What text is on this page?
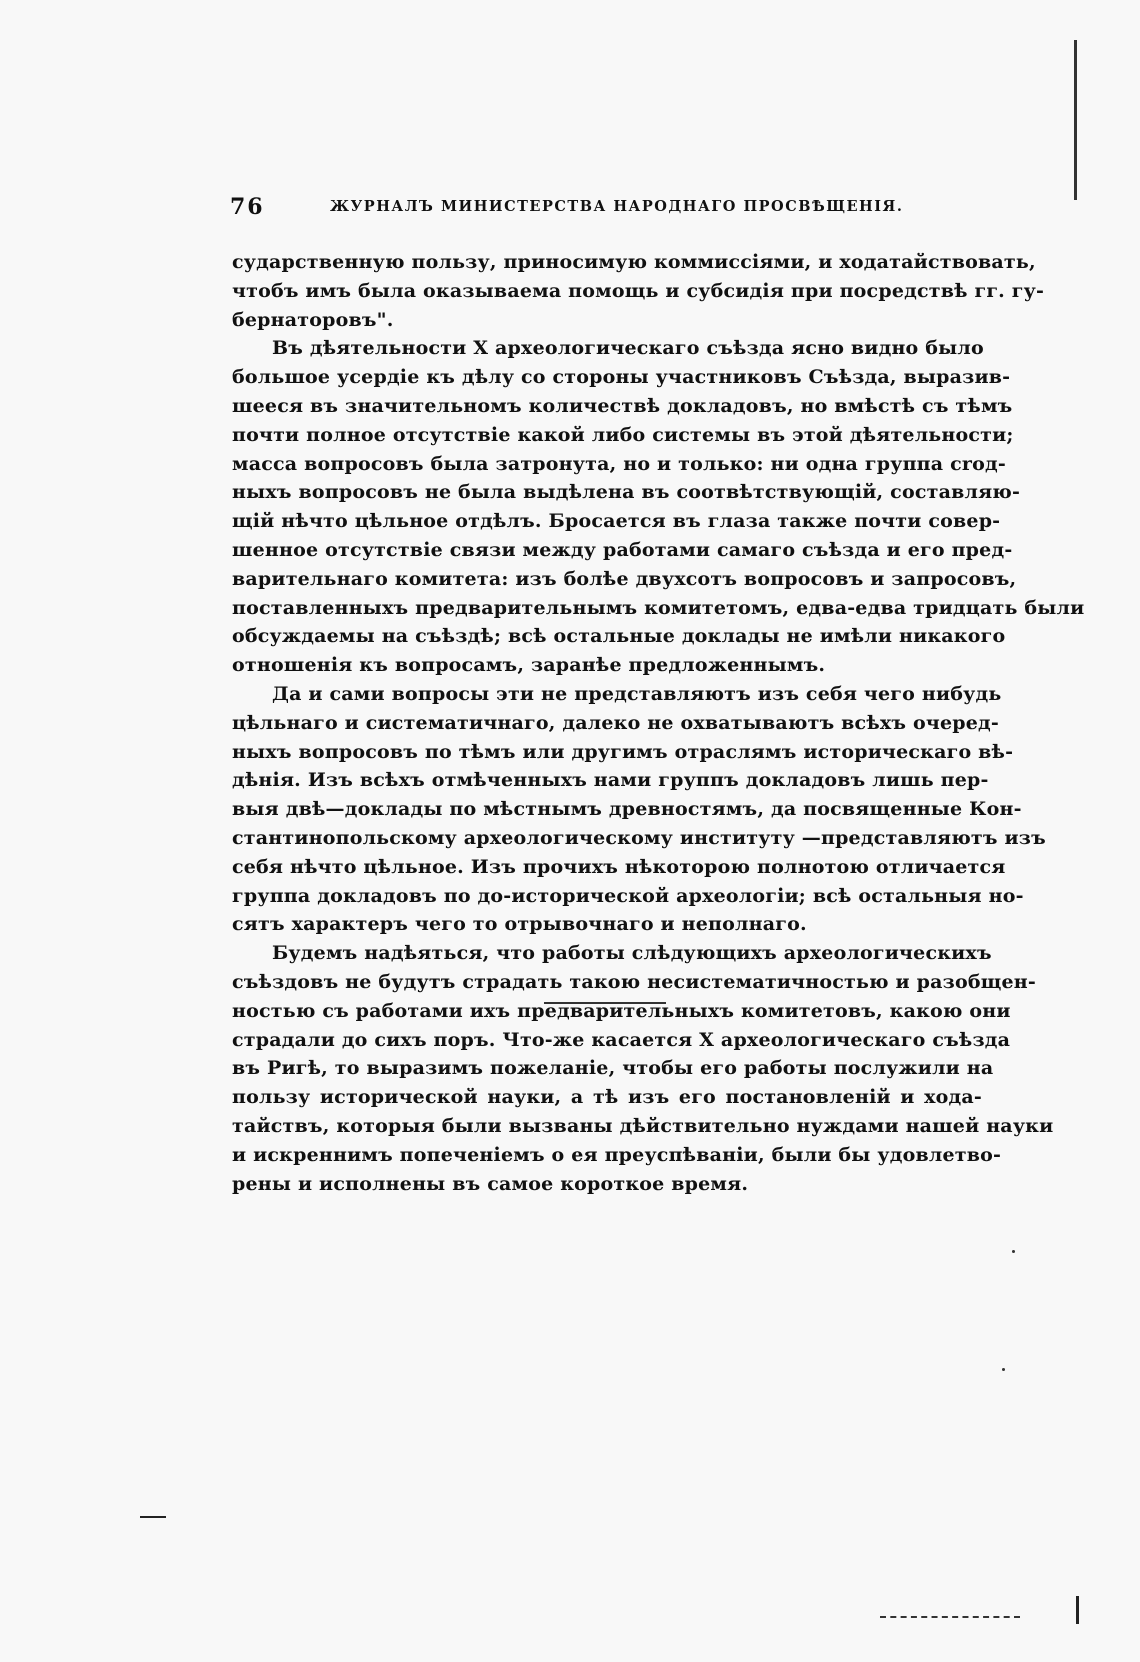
76	ЖУРНАЛЪ МИНИСТЕРСТВА НАРОДНАГО ПРОСВѢЩЕНІЯ.

сударственную пользу, приносимую коммиссіями, и ходатайствовать,
чтобъ имъ была оказываема помощь и субсидія при посредствѣ гг. гу-
бернаторовъ".

Въ дѣятельности X археологическаго съѣзда ясно видно было
большое усердіе къ дѣлу со стороны участниковъ Съѣзда, выразив-
шееся въ значительномъ количествѣ докладовъ, но вмѣстѣ съ тѣмъ
почти полное отсутствіе какой либо системы въ этой дѣятельности;
масса вопросовъ была затронута, но и только: ни одна группа сrод-
ныхъ вопросовъ не была выдѣлена въ соотвѣтствующій, составляю-
щій нѣчто цѣльное отдѣлъ. Бросается въ глаза также почти совер-
шенное отсутствіе связи между работами самаго съѣзда и его пред-
варительнаго комитета: изъ болѣе двухсотъ вопросовъ и запросовъ,
поставленныхъ предварительнымъ комитетомъ, едва-едва тридцать были
обсуждаемы на съѣздѣ; всѣ остальные доклады не имѣли никакого
отношенія къ вопросамъ, заранѣе предложеннымъ.

Да и сами вопросы эти не представляютъ изъ себя чего нибудь
цѣльнаго и систематичнаго, далеко не охватываютъ всѣхъ очеред-
ныхъ вопросовъ по тѣмъ или другимъ отраслямъ историческаго вѣ-
дѣнія. Изъ всѣхъ отмѣченныхъ нами группъ докладовъ лишь пер-
выя двѣ—доклады по мѣстнымъ древностямъ, да посвященные Кон-
стантинопольскому археологическому институту —представляютъ изъ
себя нѣчто цѣльное. Изъ прочихъ нѣкоторою полнотою отличается
группа докладовъ по до-исторической археологіи; всѣ остальныя но-
сятъ характеръ чего то отрывочнаго и неполнаго.

Будемъ надѣяться, что работы слѣдующихъ археологическихъ
съѣздовъ не будутъ страдать такою несистематичностью и разобщен-
ностью съ работами ихъ предварительныхъ комитетовъ, какою они
страдали до сихъ поръ. Что-же касается X археологическаго съѣзда
въ Ригѣ, то выразимъ пожеланіе, чтобы его работы послужили на
пользу исторической науки, а тѣ изъ его постановленій и хода-
тайствъ, которыя были вызваны дѣйствительно нуждами нашей науки
и искреннимъ попеченіемъ о ея преуспѣваніи, были бы удовлетво-
рены и исполнены въ самое короткое время.
